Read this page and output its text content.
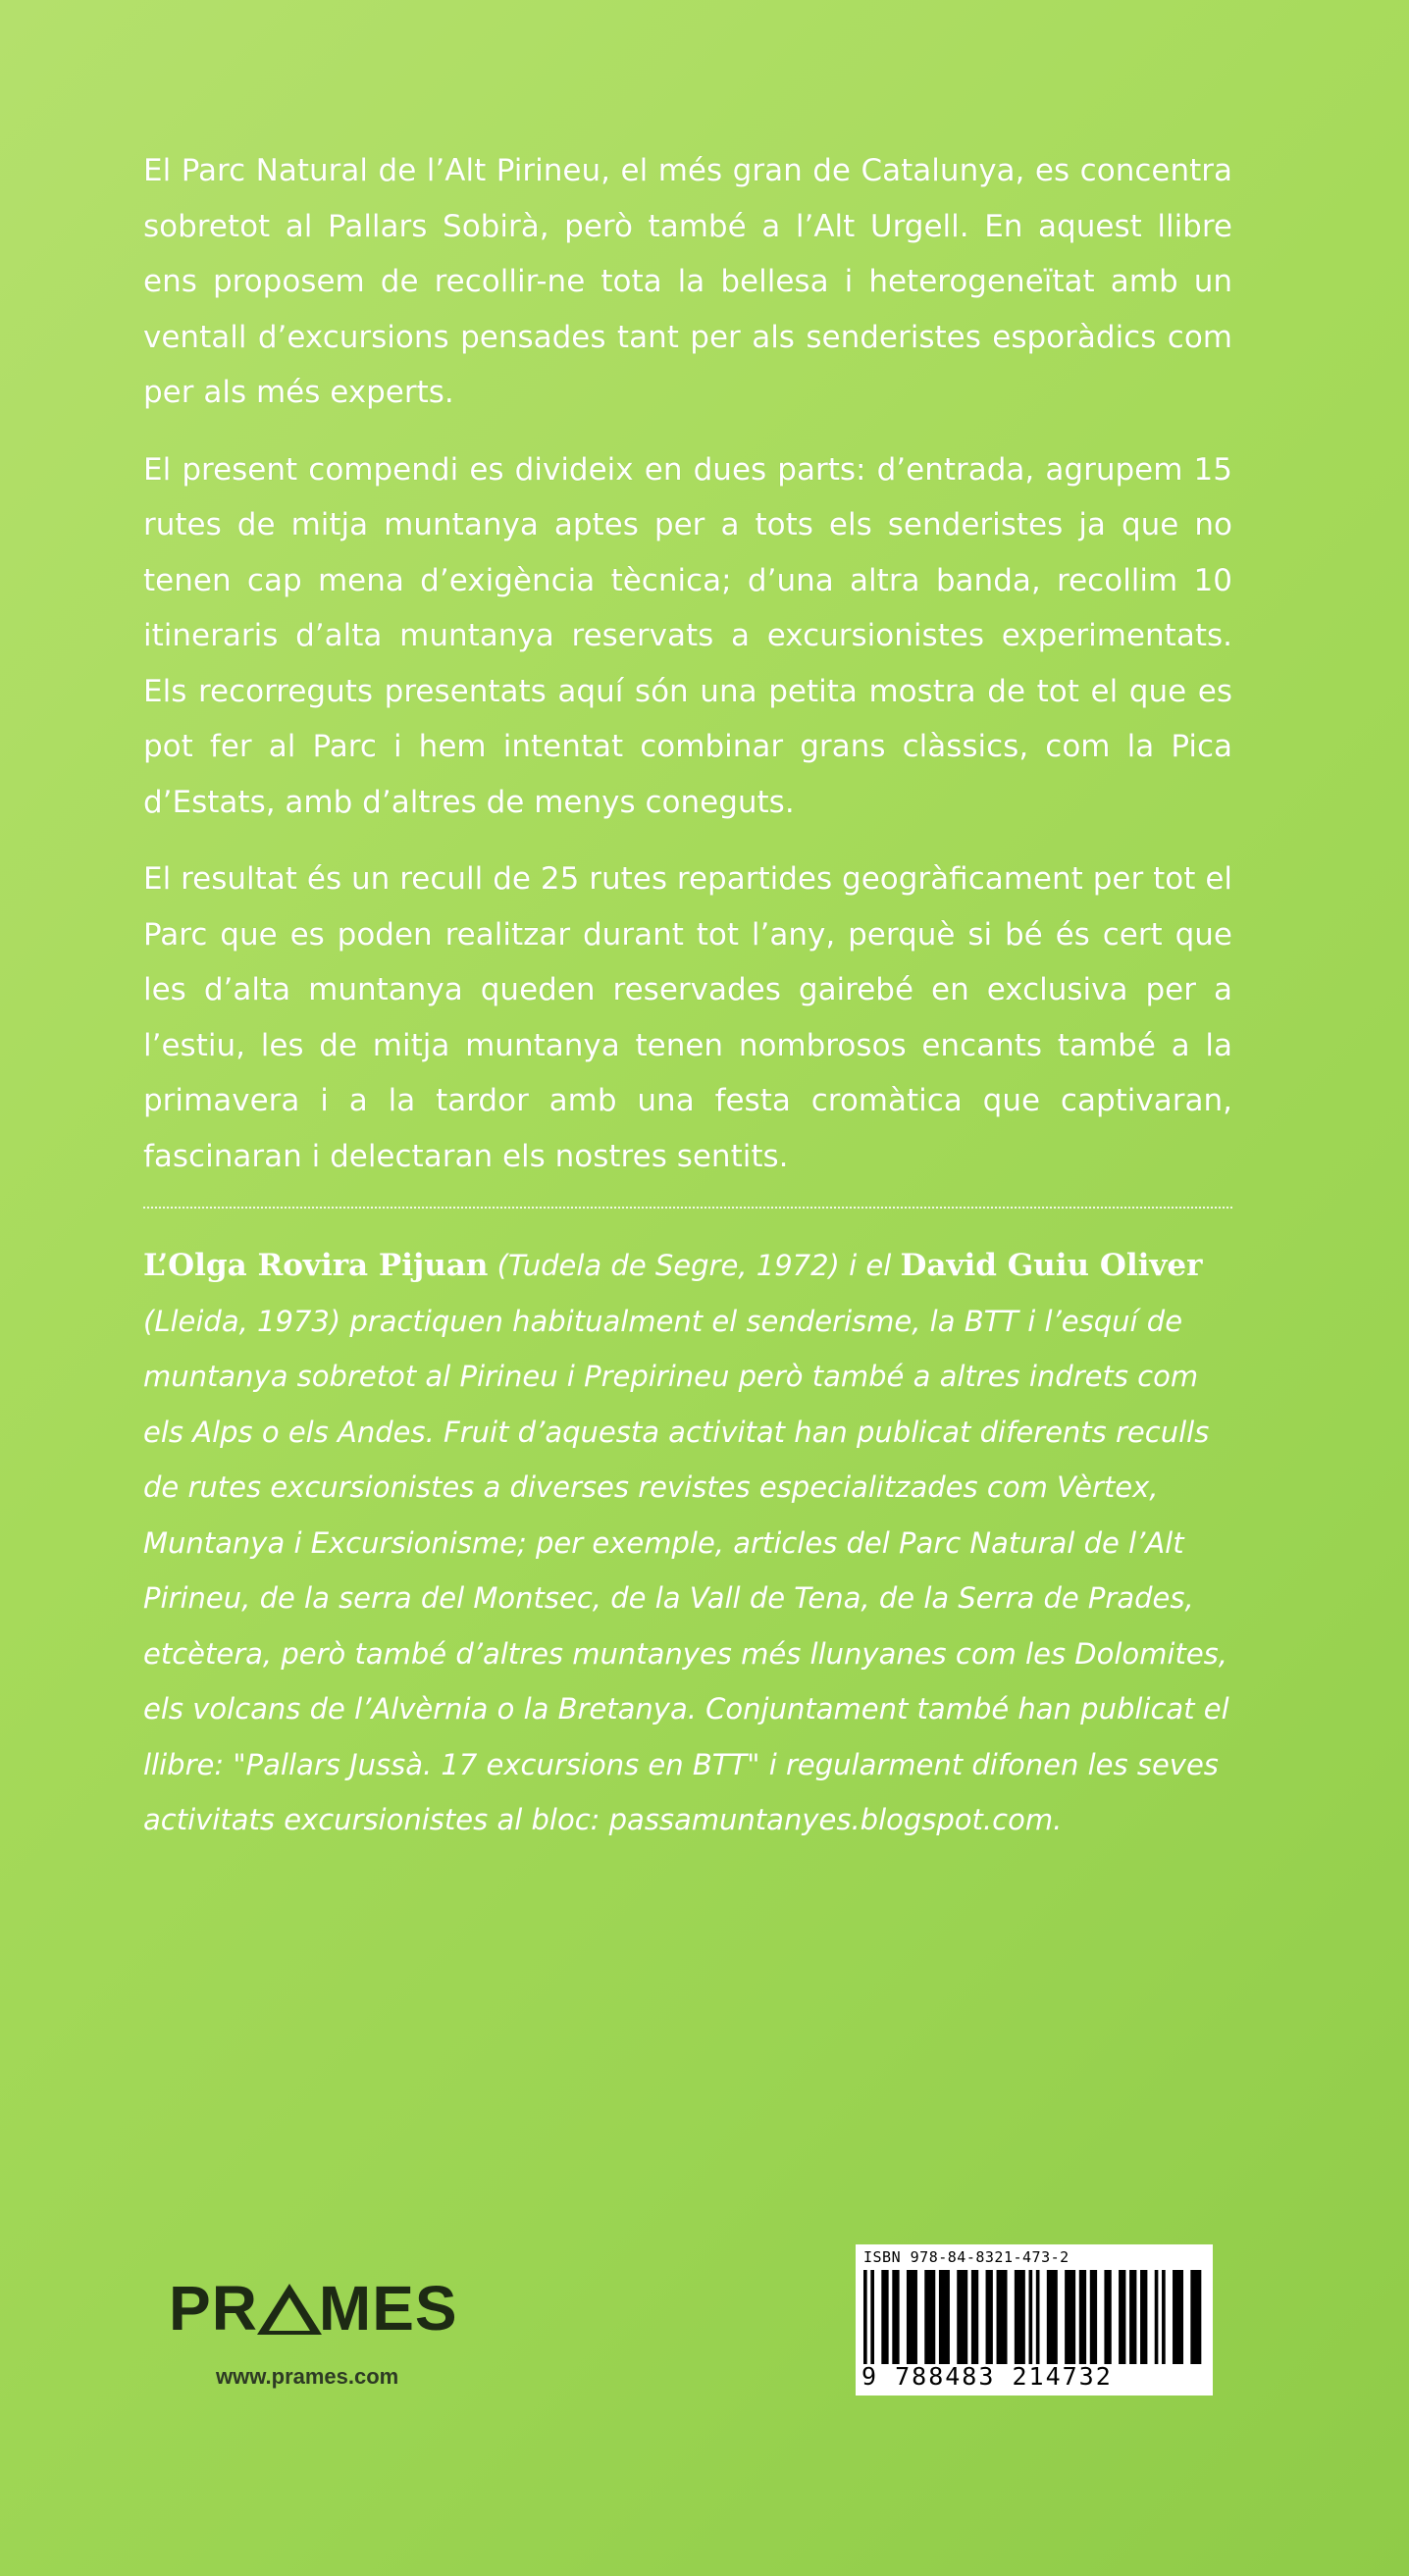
El Parc Natural de l’Alt Pirineu, el més gran de Catalunya, es concentra sobretot al Pallars Sobirà, però també a l’Alt Urgell. En aquest llibre ens proposem de recollir-ne tota la bellesa i heterogeneïtat amb un ventall d’excursions pensades tant per als senderistes esporàdics com per als més experts.

El present compendi es divideix en dues parts: d’entrada, agrupem 15 rutes de mitja muntanya aptes per a tots els senderistes ja que no tenen cap mena d’exigència tècnica; d’una altra banda, recollim 10 itineraris d’alta muntanya reservats a excursionistes experimentats. Els recorreguts presentats aquí són una petita mostra de tot el que es pot fer al Parc i hem intentat combinar grans clàssics, com la Pica d’Estats, amb d’altres de menys coneguts.

El resultat és un recull de 25 rutes repartides geogràficament per tot el Parc que es poden realitzar durant tot l’any, perquè si bé és cert que les d’alta muntanya queden reservades gairebé en exclusiva per a l’estiu, les de mitja muntanya tenen nombrosos encants també a la primavera i a la tardor amb una festa cromàtica que captivaran, fascinaran i delectaran els nostres sentits.

L’Olga Rovira Pijuan (Tudela de Segre, 1972) i el David Guiu Oliver (Lleida, 1973) practiquen habitualment el senderisme, la BTT i l’esquí de muntanya sobretot al Pirineu i Prepirineu però també a altres indrets com els Alps o els Andes. Fruit d’aquesta activitat han publicat diferents reculls de rutes excursionistes a diverses revistes especialitzades com Vèrtex, Muntanya i Excursionisme; per exemple, articles del Parc Natural de l’Alt Pirineu, de la serra del Montsec, de la Vall de Tena, de la Serra de Prades, etcètera, però també d’altres muntanyes més llunyanes com les Dolomites, els volcans de l’Alvèrnia o la Bretanya. Conjuntament també han publicat el llibre: "Pallars Jussà. 17 excursions en BTT" i regularment difonen les seves activitats excursionistes al bloc: passamuntanyes.blogspot.com.
PR MES
www.prames.com
ISBN 978-84-8321-473-2
9 788483 214732
